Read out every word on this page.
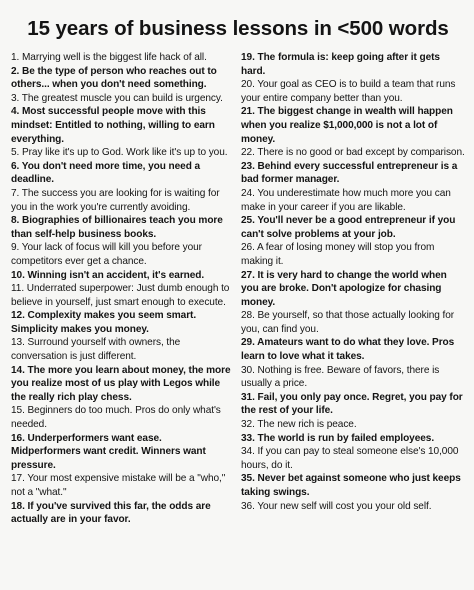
15 years of business lessons in <500 words

1. Marrying well is the biggest life hack of all.

2. Be the type of person who reaches out to others... when you don't need something.

3. The greatest muscle you can build is urgency.

4. Most successful people move with this mindset: Entitled to nothing, willing to earn everything.

5. Pray like it's up to God. Work like it's up to you.

6. You don't need more time, you need a deadline.

7. The success you are looking for is waiting for you in the work you're currently avoiding.

8. Biographies of billionaires teach you more than self-help business books.

9. Your lack of focus will kill you before your competitors ever get a chance.

10. Winning isn't an accident, it's earned.

11. Underrated superpower: Just dumb enough to believe in yourself, just smart enough to execute.

12. Complexity makes you seem smart. Simplicity makes you money.

13. Surround yourself with owners, the conversation is just different.

14. The more you learn about money, the more you realize most of us play with Legos while the really rich play chess.

15. Beginners do too much. Pros do only what's needed.

16. Underperformers want ease. Midperformers want credit. Winners want pressure.

17. Your most expensive mistake will be a "who," not a "what."

18. If you've survived this far, the odds are actually are in your favor.

19. The formula is: keep going after it gets hard.

20. Your goal as CEO is to build a team that runs your entire company better than you.

21. The biggest change in wealth will happen when you realize $1,000,000 is not a lot of money.

22. There is no good or bad except by comparison.

23. Behind every successful entrepreneur is a bad former manager.

24. You underestimate how much more you can make in your career if you are likable.

25. You'll never be a good entrepreneur if you can't solve problems at your job.

26. A fear of losing money will stop you from making it.

27. It is very hard to change the world when you are broke. Don't apologize for chasing money.

28. Be yourself, so that those actually looking for you, can find you.

29. Amateurs want to do what they love. Pros learn to love what it takes.

30. Nothing is free. Beware of favors, there is usually a price.

31. Fail, you only pay once. Regret, you pay for the rest of your life.

32. The new rich is peace.

33. The world is run by failed employees.

34. If you can pay to steal someone else's 10,000 hours, do it.

35. Never bet against someone who just keeps taking swings.

36. Your new self will cost you your old self.
